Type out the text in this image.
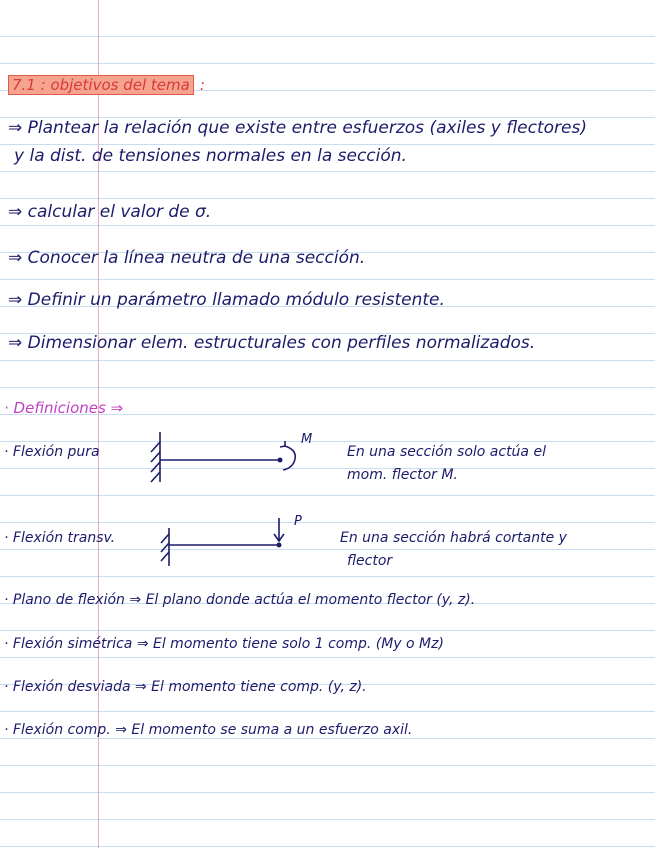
7.1 : objetivos del tema :

⇒ Plantear la relación que existe entre esfuerzos (axiles y flectores)

y la dist. de tensiones normales en la sección.

⇒ calcular el valor de σ.

⇒ Conocer la línea neutra de una sección.

⇒ Definir un parámetro llamado módulo resistente.

⇒ Dimensionar elem. estructurales con perfiles normalizados.

· Definiciones ⇒

· Flexión pura

M

En una sección solo actúa el

mom. flector M.

· Flexión transv.

P

En una sección habrá cortante y

flector

· Plano de flexión ⇒ El plano donde actúa el momento flector (y, z).

· Flexión simétrica ⇒ El momento tiene solo 1 comp. (My o Mz)

· Flexión desviada ⇒ El momento tiene comp. (y, z).

· Flexión comp. ⇒ El momento se suma a un esfuerzo axil.
